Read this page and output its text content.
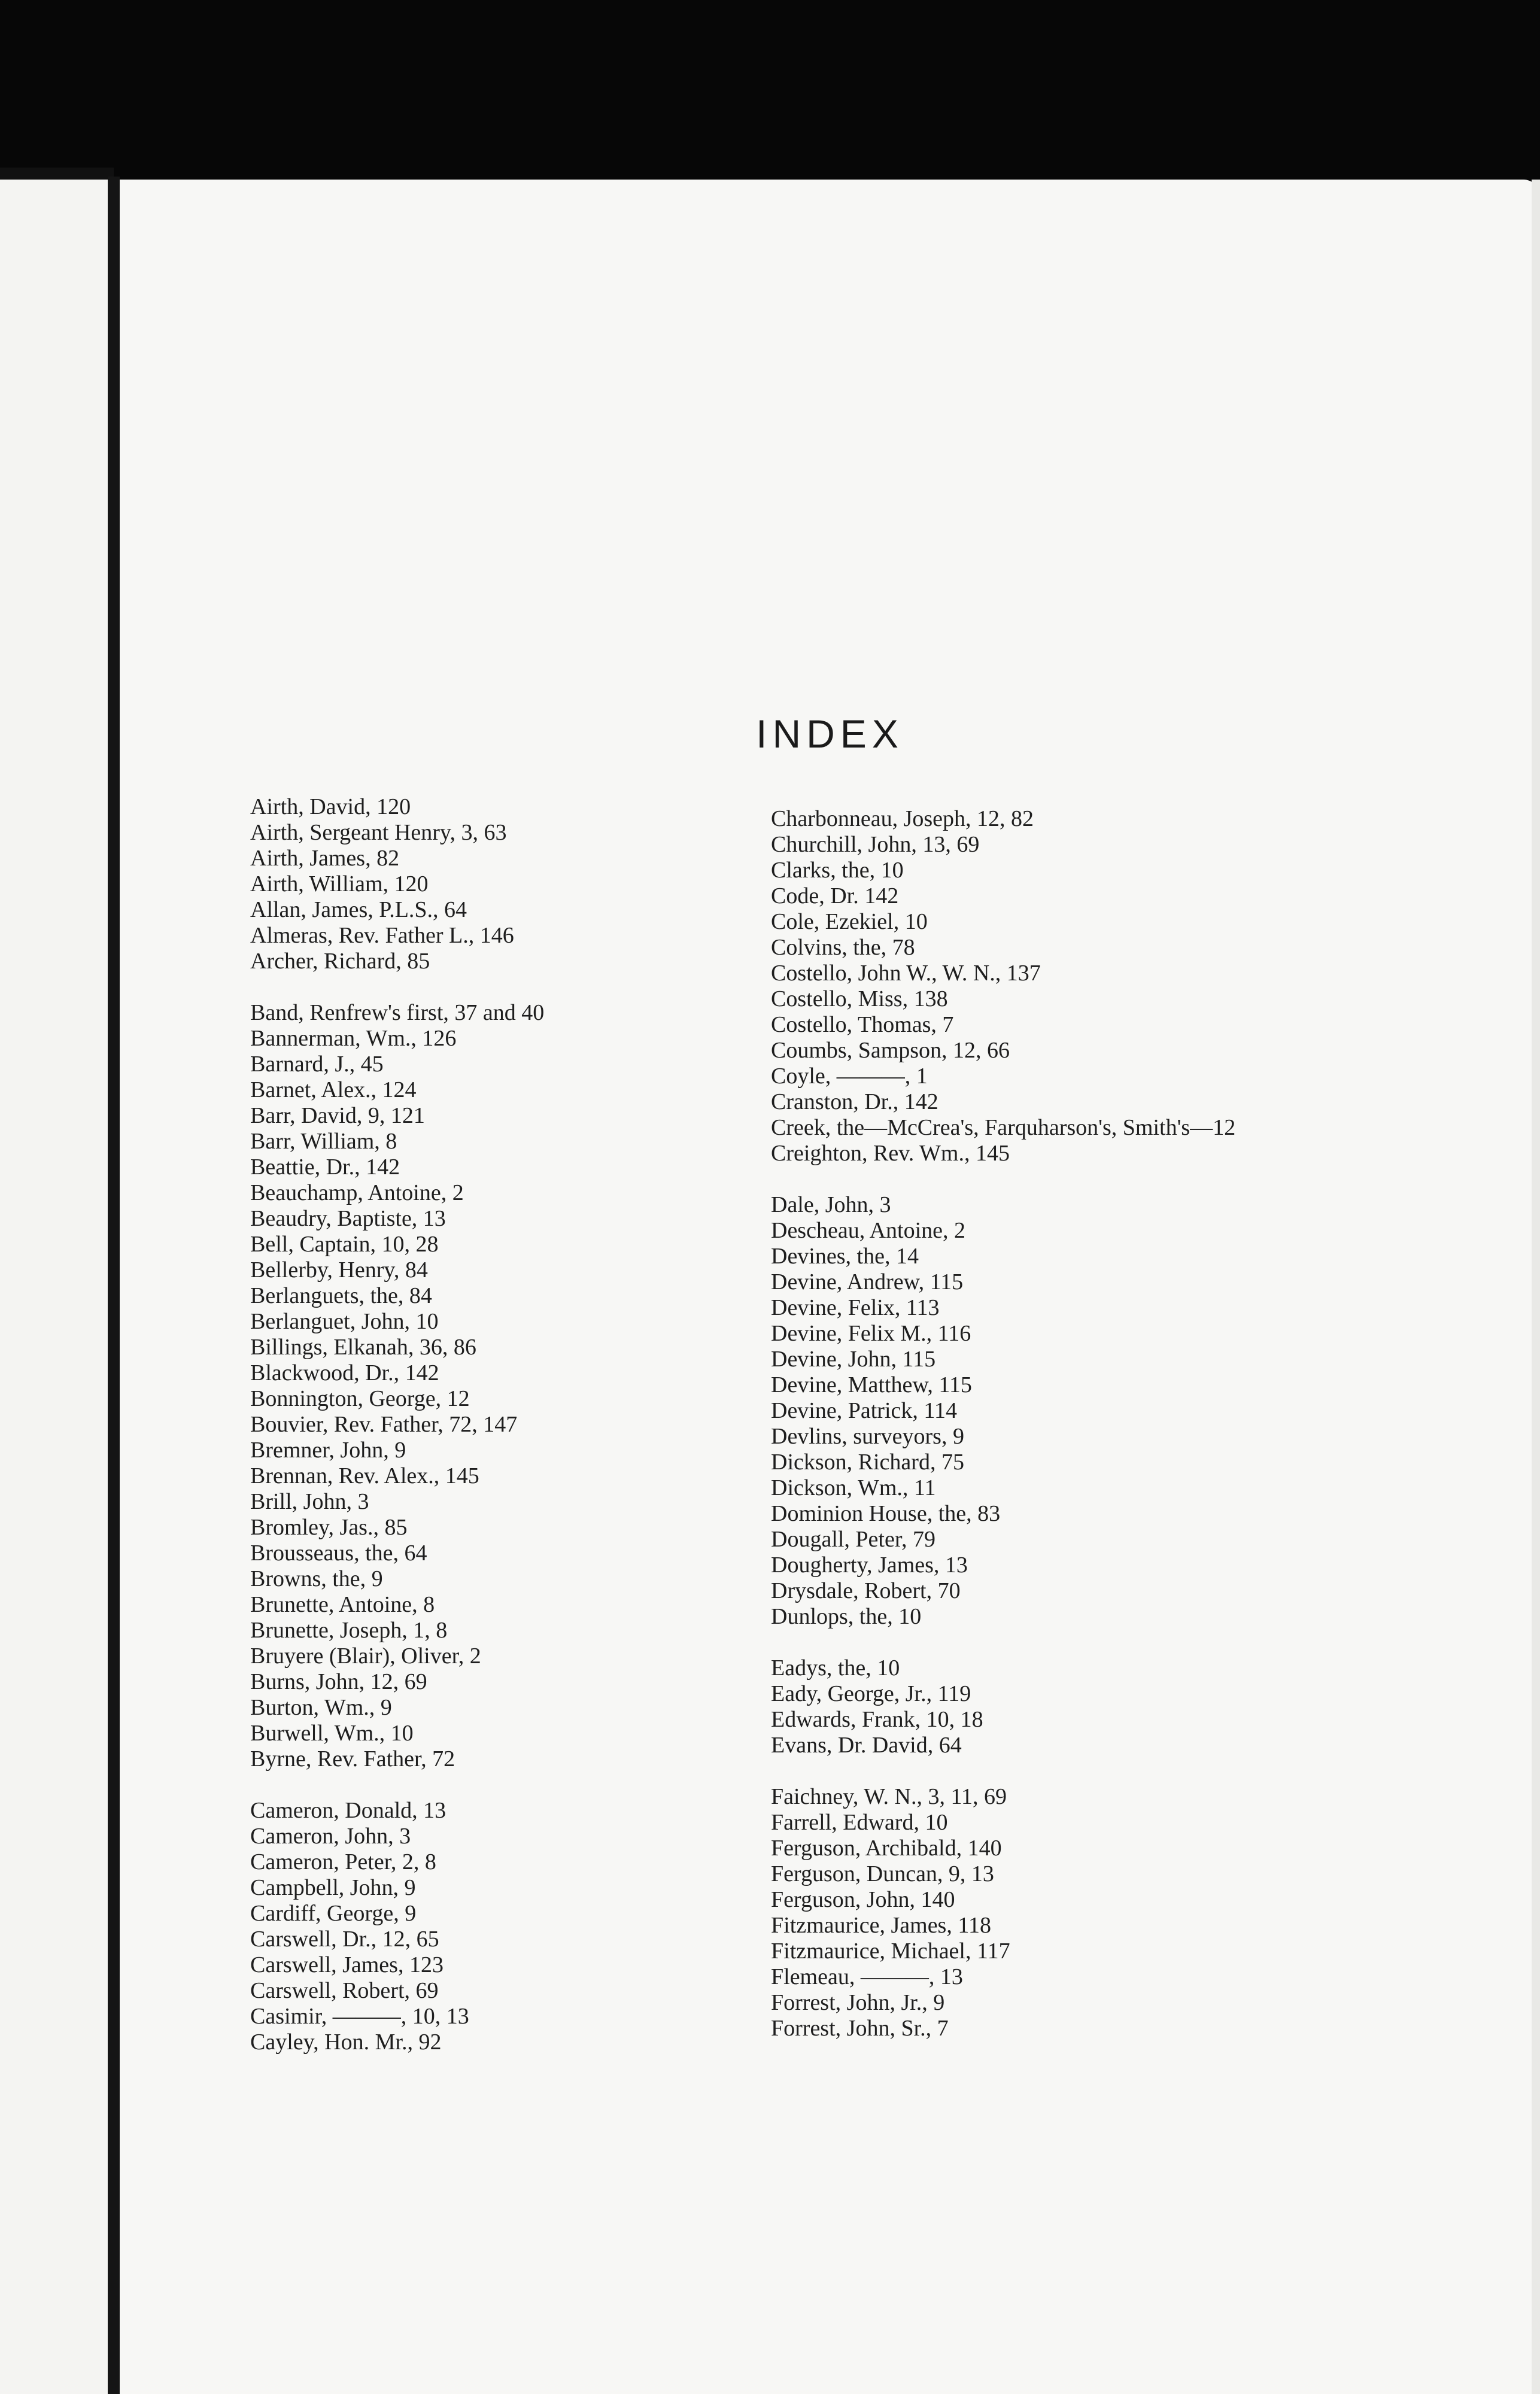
INDEX
Airth, David, 120
Airth, Sergeant Henry, 3, 63
Airth, James, 82
Airth, William, 120
Allan, James, P.L.S., 64
Almeras, Rev. Father L., 146
Archer, Richard, 85
Band, Renfrew's first, 37 and 40
Bannerman, Wm., 126
Barnard, J., 45
Barnet, Alex., 124
Barr, David, 9, 121
Barr, William, 8
Beattie, Dr., 142
Beauchamp, Antoine, 2
Beaudry, Baptiste, 13
Bell, Captain, 10, 28
Bellerby, Henry, 84
Berlanguets, the, 84
Berlanguet, John, 10
Billings, Elkanah, 36, 86
Blackwood, Dr., 142
Bonnington, George, 12
Bouvier, Rev. Father, 72, 147
Bremner, John, 9
Brennan, Rev. Alex., 145
Brill, John, 3
Bromley, Jas., 85
Brousseaus, the, 64
Browns, the, 9
Brunette, Antoine, 8
Brunette, Joseph, 1, 8
Bruyere (Blair), Oliver, 2
Burns, John, 12, 69
Burton, Wm., 9
Burwell, Wm., 10
Byrne, Rev. Father, 72
Cameron, Donald, 13
Cameron, John, 3
Cameron, Peter, 2, 8
Campbell, John, 9
Cardiff, George, 9
Carswell, Dr., 12, 65
Carswell, James, 123
Carswell, Robert, 69
Casimir, ———, 10, 13
Cayley, Hon. Mr., 92
Charbonneau, Joseph, 12, 82
Churchill, John, 13, 69
Clarks, the, 10
Code, Dr. 142
Cole, Ezekiel, 10
Colvins, the, 78
Costello, John W., W. N., 137
Costello, Miss, 138
Costello, Thomas, 7
Coumbs, Sampson, 12, 66
Coyle, ———, 1
Cranston, Dr., 142
Creek, the—McCrea's, Farquharson's, Smith's—12
Creighton, Rev. Wm., 145
Dale, John, 3
Descheau, Antoine, 2
Devines, the, 14
Devine, Andrew, 115
Devine, Felix, 113
Devine, Felix M., 116
Devine, John, 115
Devine, Matthew, 115
Devine, Patrick, 114
Devlins, surveyors, 9
Dickson, Richard, 75
Dickson, Wm., 11
Dominion House, the, 83
Dougall, Peter, 79
Dougherty, James, 13
Drysdale, Robert, 70
Dunlops, the, 10
Eadys, the, 10
Eady, George, Jr., 119
Edwards, Frank, 10, 18
Evans, Dr. David, 64
Faichney, W. N., 3, 11, 69
Farrell, Edward, 10
Ferguson, Archibald, 140
Ferguson, Duncan, 9, 13
Ferguson, John, 140
Fitzmaurice, James, 118
Fitzmaurice, Michael, 117
Flemeau, ———, 13
Forrest, John, Jr., 9
Forrest, John, Sr., 7
